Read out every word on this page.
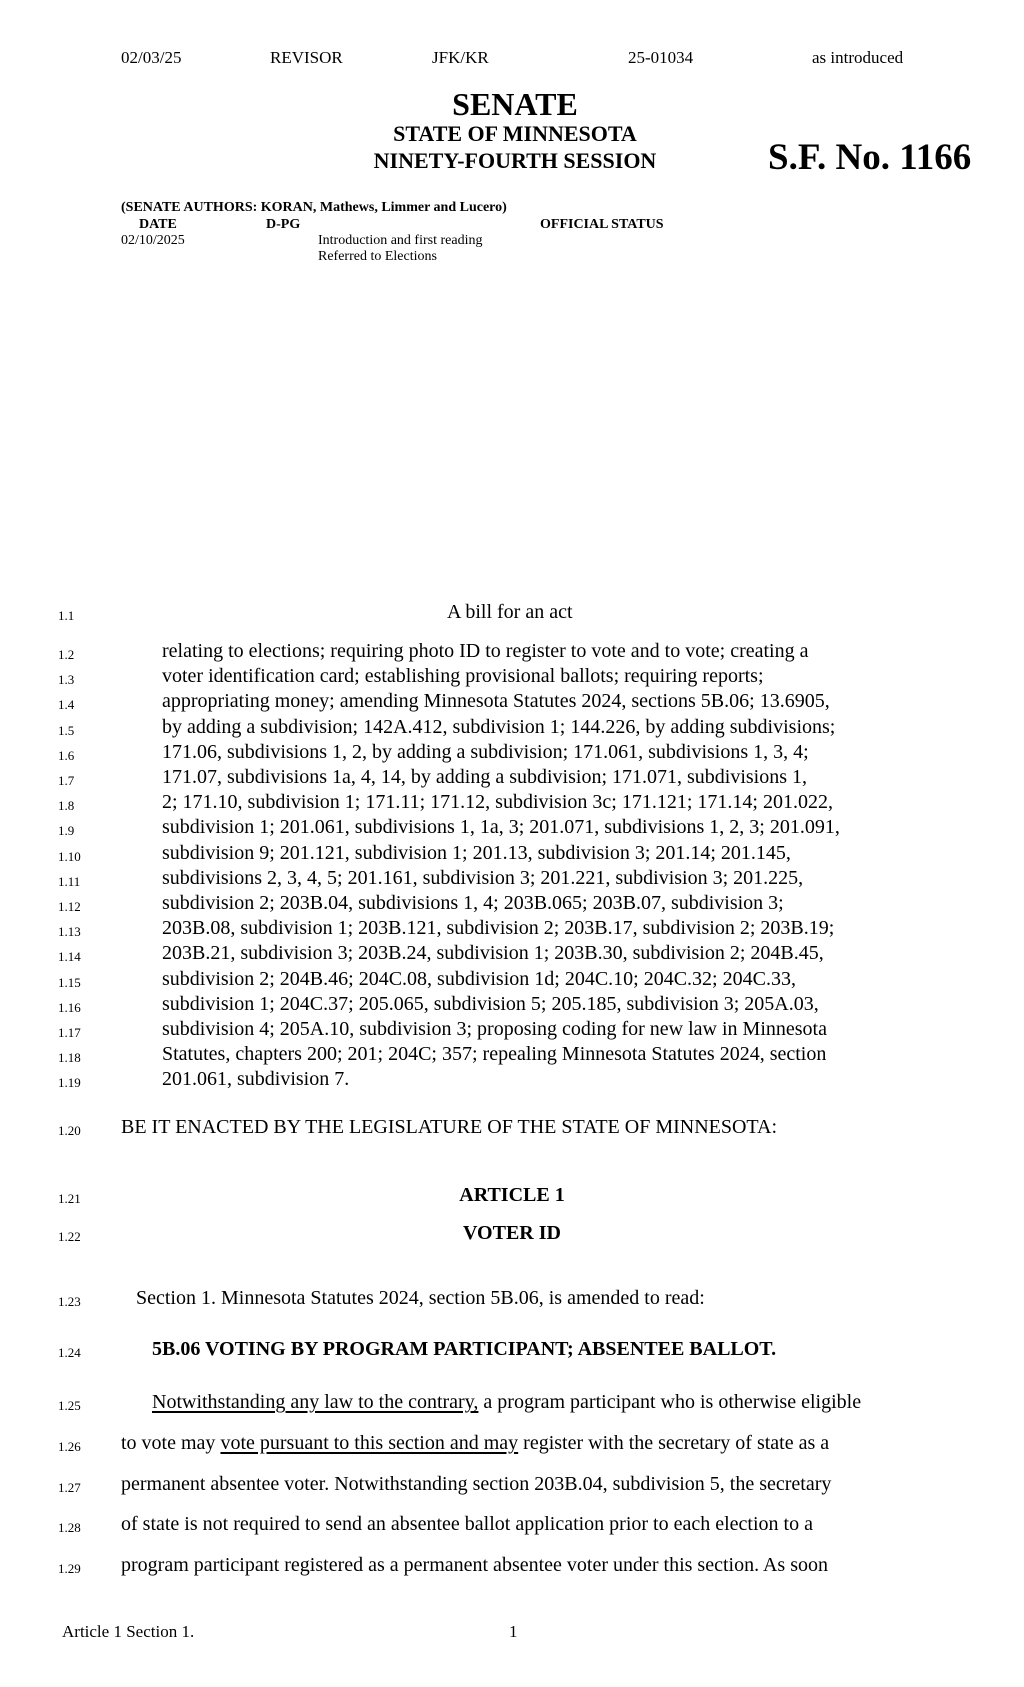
02/03/25	REVISOR	JFK/KR	25-01034	as introduced
SENATE
STATE OF MINNESOTA
NINETY-FOURTH SESSION	S.F. No. 1166
(SENATE AUTHORS: KORAN, Mathews, Limmer and Lucero)
DATE	D-PG	OFFICIAL STATUS
02/10/2025	Introduction and first reading
Referred to Elections
1.1	A bill for an act
1.2	relating to elections; requiring photo ID to register to vote and to vote; creating a
1.3	voter identification card; establishing provisional ballots; requiring reports;
1.4	appropriating money; amending Minnesota Statutes 2024, sections 5B.06; 13.6905,
1.5	by adding a subdivision; 142A.412, subdivision 1; 144.226, by adding subdivisions;
1.6	171.06, subdivisions 1, 2, by adding a subdivision; 171.061, subdivisions 1, 3, 4;
1.7	171.07, subdivisions 1a, 4, 14, by adding a subdivision; 171.071, subdivisions 1,
1.8	2; 171.10, subdivision 1; 171.11; 171.12, subdivision 3c; 171.121; 171.14; 201.022,
1.9	subdivision 1; 201.061, subdivisions 1, 1a, 3; 201.071, subdivisions 1, 2, 3; 201.091,
1.10	subdivision 9; 201.121, subdivision 1; 201.13, subdivision 3; 201.14; 201.145,
1.11	subdivisions 2, 3, 4, 5; 201.161, subdivision 3; 201.221, subdivision 3; 201.225,
1.12	subdivision 2; 203B.04, subdivisions 1, 4; 203B.065; 203B.07, subdivision 3;
1.13	203B.08, subdivision 1; 203B.121, subdivision 2; 203B.17, subdivision 2; 203B.19;
1.14	203B.21, subdivision 3; 203B.24, subdivision 1; 203B.30, subdivision 2; 204B.45,
1.15	subdivision 2; 204B.46; 204C.08, subdivision 1d; 204C.10; 204C.32; 204C.33,
1.16	subdivision 1; 204C.37; 205.065, subdivision 5; 205.185, subdivision 3; 205A.03,
1.17	subdivision 4; 205A.10, subdivision 3; proposing coding for new law in Minnesota
1.18	Statutes, chapters 200; 201; 204C; 357; repealing Minnesota Statutes 2024, section
1.19	201.061, subdivision 7.
1.20	BE IT ENACTED BY THE LEGISLATURE OF THE STATE OF MINNESOTA:
1.21	ARTICLE 1
1.22	VOTER ID
1.23	Section 1. Minnesota Statutes 2024, section 5B.06, is amended to read:
1.24	5B.06 VOTING BY PROGRAM PARTICIPANT; ABSENTEE BALLOT.
1.25	Notwithstanding any law to the contrary, a program participant who is otherwise eligible
1.26	to vote may vote pursuant to this section and may register with the secretary of state as a
1.27	permanent absentee voter. Notwithstanding section 203B.04, subdivision 5, the secretary
1.28	of state is not required to send an absentee ballot application prior to each election to a
1.29	program participant registered as a permanent absentee voter under this section. As soon
Article 1 Section 1.	1
